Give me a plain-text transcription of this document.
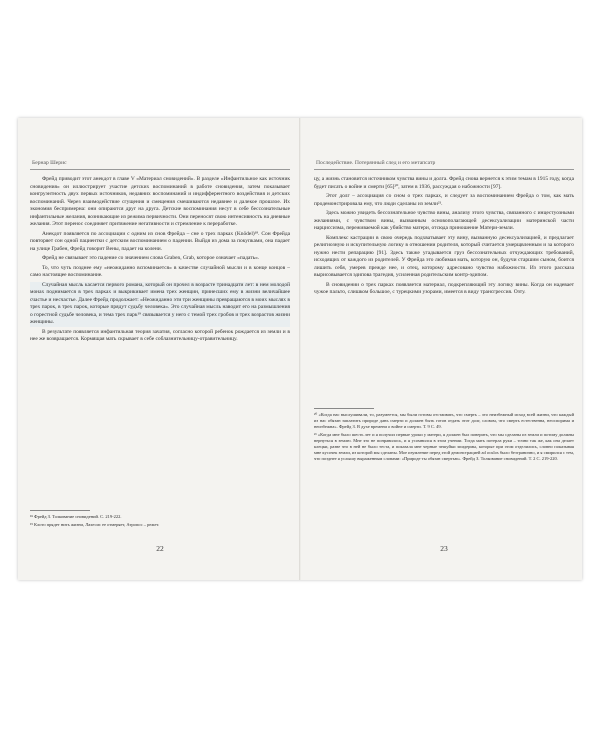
Бернар Шерис

Фрейд приводит этот анекдот в главе V «Материал сновидений». В разделе «Инфантильное как источник сновидения» он иллюстрирует участие детских воспоминаний в работе сновидения, затем показывает конгруэнтность двух первых источников, недавних воспоминаний и индифферентного воздействия и детских воспоминаний. Через взаимодействие сгущения и смещения смешиваются недавнее и далекое прошлое. Их экономия беспримерна: они опираются друг на друга. Детские воспоминания несут в себе бессознательные инфантильные желания, возникающие из режима первичности. Они переносят свою интенсивность на дневные желания. Этот перенос соединяет притяжение негативности и стремление к переработке.

Анекдот появляется по ассоциации с одним из снов Фрейда – сне о трех парках (Knödel)¹⁸. Сон Фрейда повторяет сон одной пациентки с детским воспоминанием о падении. Выйдя из дома за покупками, она падает на улице Грабен, Фрейд говорит Вены, падает на колени.

Фрейд не связывает это падение со значением слова Graben, Grab, которое означает «падать».

То, что чуть позднее ему «неожиданно вспоминается» в качестве случайной мысли и в конце концов – само настоящее воспоминание.

Случайная мысль касается первого романа, который он прочел в возрасте тринадцати лет: в нем молодой монах поднимается в трех парках и выкрикивает имена трех женщин, принесших ему в жизни величайшее счастье и несчастье. Далее Фрейд продолжает: «Неожиданно эти три женщины превращаются в моих мыслях в трех парок, в трех парок, которые прядут судьбу человека». Это случайная мысль наводит его на размышления о горестной судьбе человека, и тема трех парк¹⁹ связывается у него с темой трех гробов и трех возрастов жизни женщины.

В результате появляется инфантильная теория зачатия, согласно которой ребенок рождается из земли и в нее же возвращается. Кормящая мать скрывает в себе соблазнительницу-отравительницу.

¹⁸ Фрейд З. Толкование сновидений. С. 219-222.

¹⁹ Клото прядет нить жизни, Лахесис ее отмеряет, Атропос – режет.

22
Последействие. Потерянный след и его метапсатр

цу, а жизнь становится источником чувства вины и долга. Фрейд снова вернется к этим темам в 1915 году, когда будет писать о войне и смерти [65]²⁰, затем в 1936, рассуждая о набожности [97].

Этот долг – ассоциация со сном о трех парках, и следует за воспоминанием Фрейда о том, как мать продемонстрировала ему, что люди сделаны из земли²¹.

Здесь можно увидеть бессознательное чувство вины, анализу этого чувства, связанного с инцестуозными желаниями, с чувством вины, вызванным основополагающей десексуализации материнской части нарциссизма, переживаемой как убийство матери, отсюда приношение Матери-земли.

Комплекс кастрации в свою очередь подхватывает эту вину, вызванную десексуализацией, и предлагает религиозную и искупительную логику в отношении родителя, который считается умерщвленным и за которого нужно нести репарацию [91]. Здесь также угадывается груз бессознательных отчуждающих требований, исходящих от каждого из родителей. У Фрейда это любимая мать, которую он, будучи старшим сыном, боится лишить себя, умерев прежде нее, и отец, которому адресовано чувство набожности. Из этого рассказа вырисовывается эдипова трагедия, усиленная родительским контр-эдипом.

В сновидении о трех парках появляется материал, подкрепляющий эту логику вины. Когда он надевает чужое пальто, слишком большое, с турецкими узорами, имеется в виду трансгрессия. Озту.

²⁰ «Когда нас выслушивали, то, разумеется, мы были готовы отстаивать, что смерть – это неизбежный исход всей жизни, что каждый из нас обязан заплатить природе дань смерти и должен быть готов отдать этот долг, словом, что смерть естественна, неоспорима и неизбежна». Фрейд З. В духе времени о войне и смерти. Т. 9 С. 49.

²¹ «Когда мне было шесть лет и я получил первые уроки у матери, я должен был поверить, что мы сделаны из земли и потому должны вернуться в землю. Мне это не понравилось, и я усомнился в этом учении. Тогда мать потерла руки – точно так же, как она делает клецки, разве что в ней не было теста, и показала мне черные чешуйки эпидермы, которые при этом отделились, словно показывая мне кусочек земли, из которой мы сделаны. Мое изумление перед этой демонстрацией ad oculos было безгранично, и я смирился с тем, что позднее я услышу выраженным словами: «Природе ты обязан смертью». Фрейд З. Толкование сновидений. Т. 2 С. 219-220.

23
